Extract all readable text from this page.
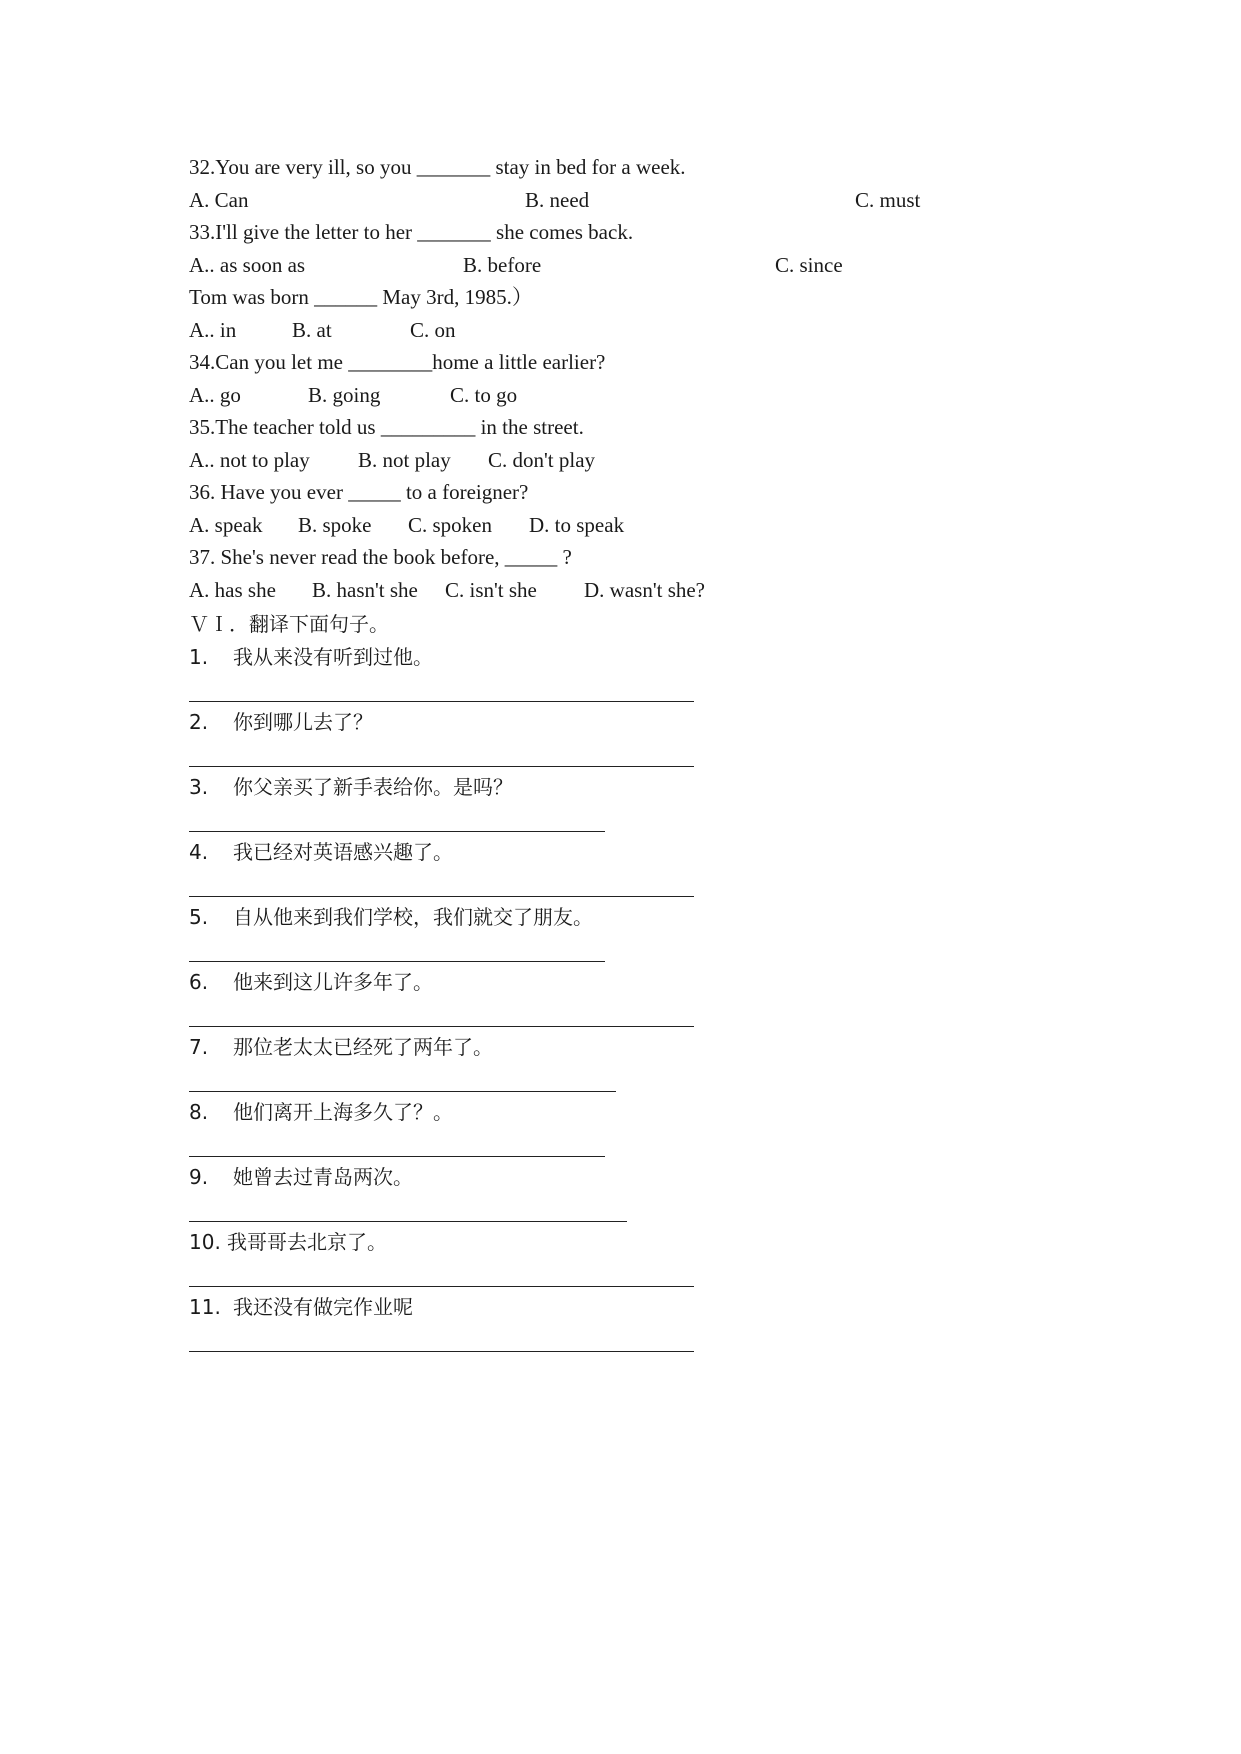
32.You are very ill, so you _______ stay in bed for a week.
A. Can	B. need	C. must
33.I'll give the letter to her _______ she comes back.
A.. as soon as	B. before	C. since
Tom was born ______ May 3rd, 1985.）
A.. in	B. at	C. on
34.Can you let me ________home a little earlier?
A.. go	B. going	C. to go
35.The teacher told us _________ in the street.
A.. not to play B. not play C. don't play
36. Have you ever _____ to a foreigner?
A. speak B. spoke C. spoken D. to speak
37. She's never read the book before, _____ ?
A. has she B. hasn't she C. isn't she D. wasn't she?
ＶＩ．翻译下面句子。
1. 我从来没有听到过他。
2. 你到哪儿去了？
3. 你父亲买了新手表给你。是吗？
4. 我已经对英语感兴趣了。
5. 自从他来到我们学校，我们就交了朋友。
6. 他来到这儿许多年了。
7. 那位老太太已经死了两年了。
8. 他们离开上海多久了？。
9. 她曾去过青岛两次。
10. 我哥哥去北京了。
11. 我还没有做完作业呢
